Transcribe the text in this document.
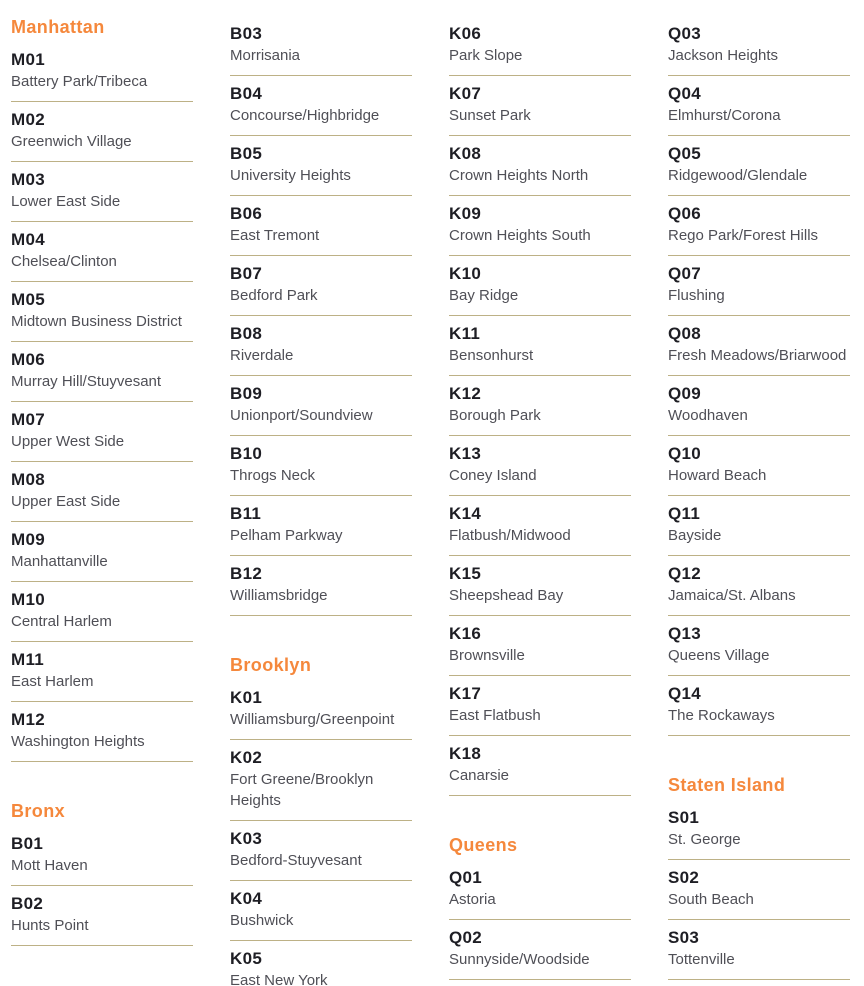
Manhattan
M01
Battery Park/Tribeca
M02
Greenwich Village
M03
Lower East Side
M04
Chelsea/Clinton
M05
Midtown Business District
M06
Murray Hill/Stuyvesant
M07
Upper West Side
M08
Upper East Side
M09
Manhattanville
M10
Central Harlem
M11
East Harlem
M12
Washington Heights
Bronx
B01
Mott Haven
B02
Hunts Point
B03
Morrisania
B04
Concourse/Highbridge
B05
University Heights
B06
East Tremont
B07
Bedford Park
B08
Riverdale
B09
Unionport/Soundview
B10
Throgs Neck
B11
Pelham Parkway
B12
Williamsbridge
Brooklyn
K01
Williamsburg/Greenpoint
K02
Fort Greene/Brooklyn Heights
K03
Bedford-Stuyvesant
K04
Bushwick
K05
East New York
K06
Park Slope
K07
Sunset Park
K08
Crown Heights North
K09
Crown Heights South
K10
Bay Ridge
K11
Bensonhurst
K12
Borough Park
K13
Coney Island
K14
Flatbush/Midwood
K15
Sheepshead Bay
K16
Brownsville
K17
East Flatbush
K18
Canarsie
Queens
Q01
Astoria
Q02
Sunnyside/Woodside
Q03
Jackson Heights
Q04
Elmhurst/Corona
Q05
Ridgewood/Glendale
Q06
Rego Park/Forest Hills
Q07
Flushing
Q08
Fresh Meadows/Briarwood
Q09
Woodhaven
Q10
Howard Beach
Q11
Bayside
Q12
Jamaica/St. Albans
Q13
Queens Village
Q14
The Rockaways
Staten Island
S01
St. George
S02
South Beach
S03
Tottenville
